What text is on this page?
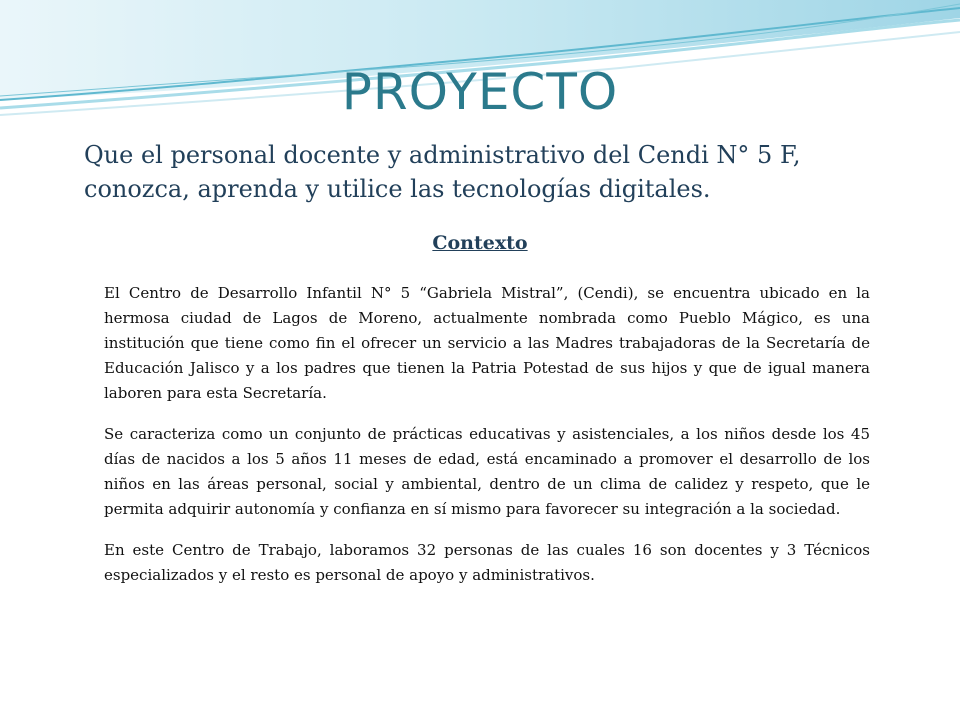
PROYECTO

Que el personal docente y administrativo del Cendi N° 5 F, conozca, aprenda y utilice las tecnologías digitales.

Contexto

El Centro de Desarrollo Infantil N° 5 “Gabriela Mistral”, (Cendi), se encuentra ubicado en la hermosa ciudad de Lagos de Moreno, actualmente nombrada como Pueblo Mágico, es una institución que tiene como fin el ofrecer un servicio a las Madres trabajadoras de la Secretaría de Educación Jalisco y a los padres que tienen la Patria Potestad de sus hijos y que de igual manera laboren para esta Secretaría.

Se caracteriza como un conjunto de prácticas educativas y asistenciales, a los niños desde los 45 días de nacidos a los 5 años 11 meses de edad, está encaminado a promover el desarrollo de los niños en las áreas personal, social y ambiental, dentro de un clima de calidez y respeto, que le permita adquirir autonomía y confianza en sí mismo para favorecer su integración a la sociedad.

En este Centro de Trabajo, laboramos 32 personas de las cuales 16 son docentes y 3 Técnicos especializados y el resto es personal de apoyo y administrativos.
